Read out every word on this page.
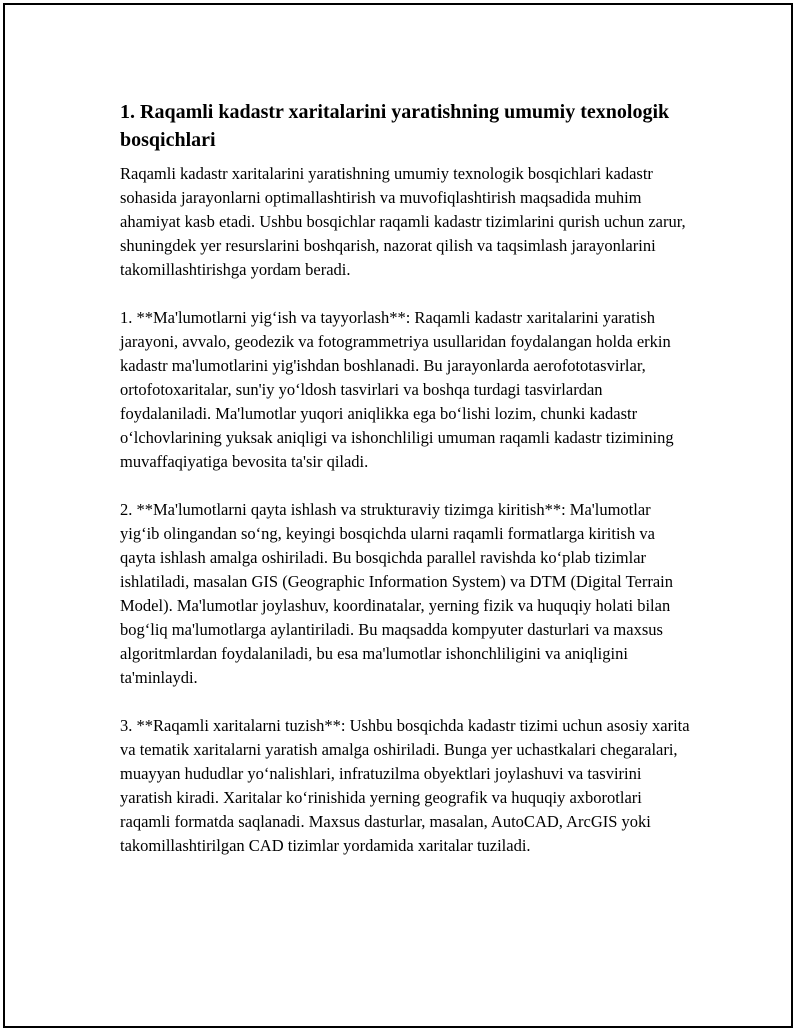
1. Raqamli kadastr xaritalarini yaratishning umumiy texnologik bosqichlari

Raqamli kadastr xaritalarini yaratishning umumiy texnologik bosqichlari kadastr sohasida jarayonlarni optimallashtirish va muvofiqlashtirish maqsadida muhim ahamiyat kasb etadi. Ushbu bosqichlar raqamli kadastr tizimlarini qurish uchun zarur, shuningdek yer resurslarini boshqarish, nazorat qilish va taqsimlash jarayonlarini takomillashtirishga yordam beradi.

1. **Ma'lumotlarni yig‘ish va tayyorlash**: Raqamli kadastr xaritalarini yaratish jarayoni, avvalo, geodezik va fotogrammetriya usullaridan foydalangan holda erkin kadastr ma'lumotlarini yig'ishdan boshlanadi. Bu jarayonlarda aerofototasvirlar, ortofotoxaritalar, sun'iy yo‘ldosh tasvirlari va boshqa turdagi tasvirlardan foydalaniladi. Ma'lumotlar yuqori aniqlikka ega bo‘lishi lozim, chunki kadastr o‘lchovlarining yuksak aniqligi va ishonchliligi umuman raqamli kadastr tizimining muvaffaqiyatiga bevosita ta'sir qiladi.

2. **Ma'lumotlarni qayta ishlash va strukturaviy tizimga kiritish**: Ma'lumotlar yig‘ib olingandan so‘ng, keyingi bosqichda ularni raqamli formatlarga kiritish va qayta ishlash amalga oshiriladi. Bu bosqichda parallel ravishda ko‘plab tizimlar ishlatiladi, masalan GIS (Geographic Information System) va DTM (Digital Terrain Model). Ma'lumotlar joylashuv, koordinatalar, yerning fizik va huquqiy holati bilan bog‘liq ma'lumotlarga aylantiriladi. Bu maqsadda kompyuter dasturlari va maxsus algoritmlardan foydalaniladi, bu esa ma'lumotlar ishonchliligini va aniqligini ta'minlaydi.

3. **Raqamli xaritalarni tuzish**: Ushbu bosqichda kadastr tizimi uchun asosiy xarita va tematik xaritalarni yaratish amalga oshiriladi. Bunga yer uchastkalari chegaralari, muayyan hududlar yo‘nalishlari, infratuzilma obyektlari joylashuvi va tasvirini yaratish kiradi. Xaritalar ko‘rinishida yerning geografik va huquqiy axborotlari raqamli formatda saqlanadi. Maxsus dasturlar, masalan, AutoCAD, ArcGIS yoki takomillashtirilgan CAD tizimlar yordamida xaritalar tuziladi.
